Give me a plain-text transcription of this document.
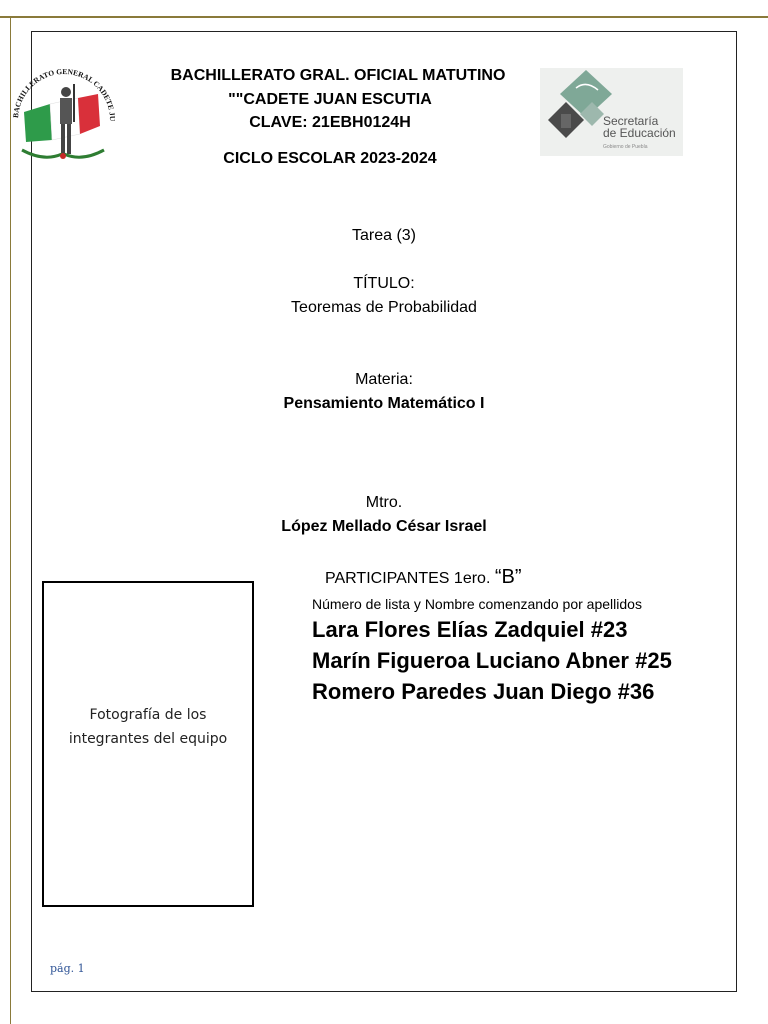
BACHILLERATO GENERAL CADETE JU	Secretaría
de Educación
Gobierno de Puebla
BACHILLERATO GRAL. OFICIAL MATUTINO
""CADETE JUAN ESCUTIA
CLAVE: 21EBH0124H
CICLO ESCOLAR 2023-2024
Tarea (3)
TÍTULO:
Teoremas de Probabilidad
Materia:
Pensamiento Matemático I
Mtro.
López Mellado César Israel
PARTICIPANTES 1ero. “B”
Número de lista y Nombre comenzando por apellidos
Lara Flores Elías Zadquiel #23
Marín Figueroa Luciano Abner #25
Romero Paredes Juan Diego #36
Fotografía de los
integrantes del equipo
pág. 1
